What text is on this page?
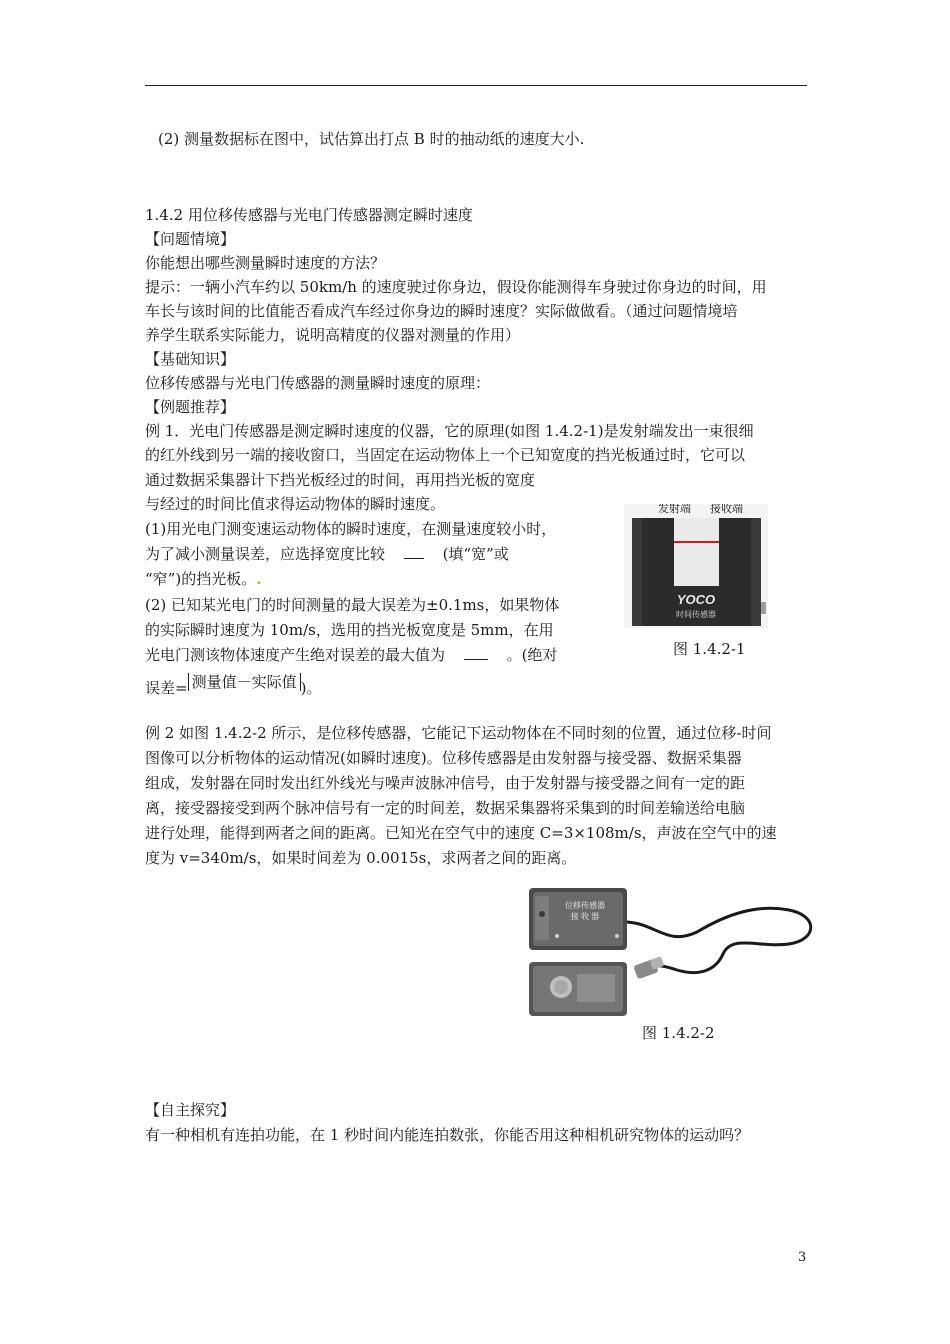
(2) 测量数据标在图中，试估算出打点 B 时的抽动纸的速度大小.
1.4.2 用位移传感器与光电门传感器测定瞬时速度
【问题情境】
你能想出哪些测量瞬时速度的方法？
提示：一辆小汽车约以 50km/h 的速度驶过你身边，假设你能测得车身驶过你身边的时间，用
车长与该时间的比值能否看成汽车经过你身边的瞬时速度？实际做做看。（通过问题情境培
养学生联系实际能力，说明高精度的仪器对测量的作用）
【基础知识】
位移传感器与光电门传感器的测量瞬时速度的原理：
【例题推荐】
例 1．光电门传感器是测定瞬时速度的仪器，它的原理(如图 1.4.2-1)是发射端发出一束很细
的红外线到另一端的接收窗口，当固定在运动物体上一个已知宽度的挡光板通过时，它可以
通过数据采集器计下挡光板经过的时间，再用挡光板的宽度
与经过的时间比值求得运动物体的瞬时速度。
(1)用光电门测变速运动物体的瞬时速度，在测量速度较小时，
为了减小测量误差，应选择宽度比较	(填“宽”或
“窄”)的挡光板。.
(2) 已知某光电门的时间测量的最大误差为±0.1ms，如果物体
的实际瞬时速度为 10m/s，选用的挡光板宽度是 5mm，在用
光电门测该物体速度产生绝对误差的最大值为	。(绝对
误差= 测量值－实际值 )。
发射端 接收端
YOCO
时间传感器
图 1.4.2-1
例 2 如图 1.4.2-2 所示，是位移传感器，它能记下运动物体在不同时刻的位置，通过位移-时间
图像可以分析物体的运动情况(如瞬时速度)。位移传感器是由发射器与接受器、数据采集器
组成，发射器在同时发出红外线光与噪声波脉冲信号，由于发射器与接受器之间有一定的距
离，接受器接受到两个脉冲信号有一定的时间差，数据采集器将采集到的时间差输送给电脑
进行处理，能得到两者之间的距离。已知光在空气中的速度 C=3×108m/s，声波在空气中的速
度为 v=340m/s，如果时间差为 0.0015s，求两者之间的距离。
位移传感器
接 收 器
图 1.4.2-2
【自主探究】
有一种相机有连拍功能，在 1 秒时间内能连拍数张，你能否用这种相机研究物体的运动吗？
3
